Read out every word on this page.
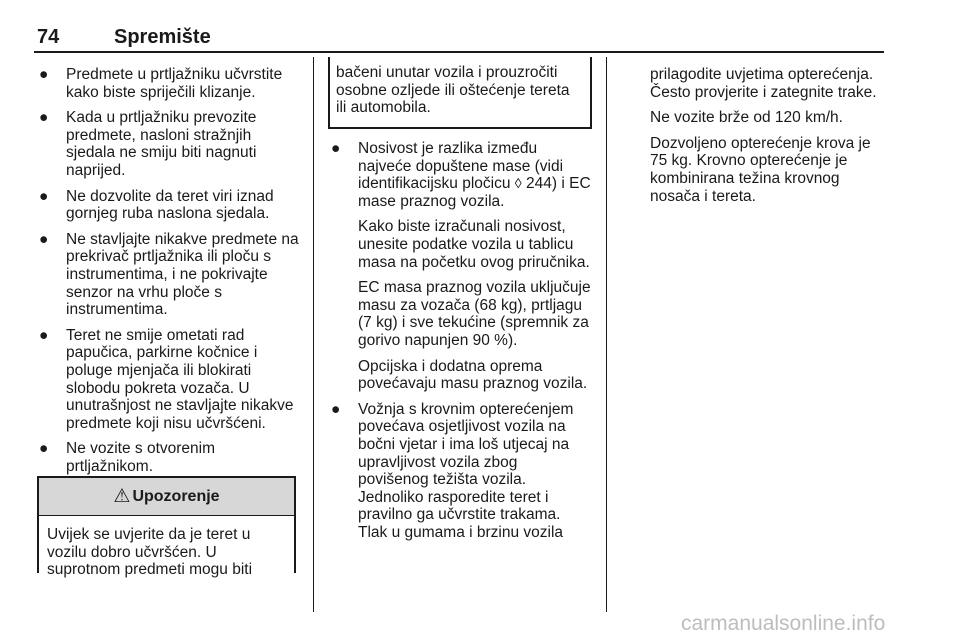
74	Spremište
● Predmete u prtljažniku učvrstite kako biste spriječili klizanje.
● Kada u prtljažniku prevozite predmete, nasloni stražnjih sjedala ne smiju biti nagnuti naprijed.
● Ne dozvolite da teret viri iznad gornjeg ruba naslona sjedala.
● Ne stavljajte nikakve predmete na prekrivač prtljažnika ili ploču s instrumentima, i ne pokrivajte senzor na vrhu ploče s instrumentima.
● Teret ne smije ometati rad papučica, parkirne kočnice i poluge mjenjača ili blokirati slobodu pokreta vozača. U unutrašnjost ne stavljajte nikakve predmete koji nisu učvršćeni.
● Ne vozite s otvorenim prtljažnikom.
⚠ Upozorenje
Uvijek se uvjerite da je teret u vozilu dobro učvršćen. U suprotnom predmeti mogu biti
bačeni unutar vozila i prouzročiti osobne ozljede ili oštećenje tereta ili automobila.
● Nosivost je razlika između najveće dopuštene mase (vidi identifikacijsku pločicu ◊ 244) i EC mase praznog vozila.
Kako biste izračunali nosivost, unesite podatke vozila u tablicu masa na početku ovog priručnika.
EC masa praznog vozila uključuje masu za vozača (68 kg), prtljagu (7 kg) i sve tekućine (spremnik za gorivo napunjen 90 %).
Opcijska i dodatna oprema povećavaju masu praznog vozila.
● Vožnja s krovnim opterećenjem povećava osjetljivost vozila na bočni vjetar i ima loš utjecaj na upravljivost vozila zbog povišenog težišta vozila. Jednoliko rasporedite teret i pravilno ga učvrstite trakama. Tlak u gumama i brzinu vozila

prilagodite uvjetima opterećenja. Često provjerite i zategnite trake.

Ne vozite brže od 120 km/h.

Dozvoljeno opterećenje krova je 75 kg. Krovno opterećenje je kombinirana težina krovnog nosača i tereta.

carmanualsonline.info
